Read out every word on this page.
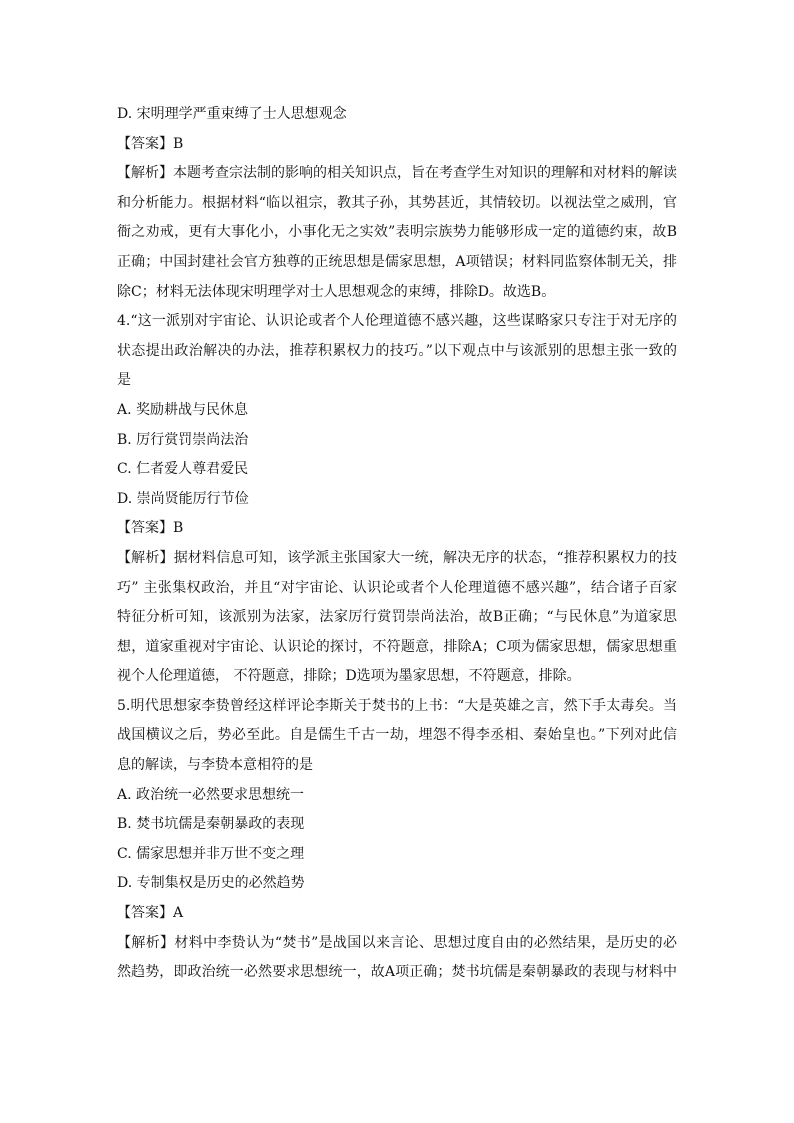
D. 宋明理学严重束缚了士人思想观念
【答案】B
【解析】本题考查宗法制的影响的相关知识点，旨在考查学生对知识的理解和对材料的解读
和分析能力。根据材料“临以祖宗，教其子孙，其势甚近，其情较切。以视法堂之威刑，官
衙之劝戒，更有大事化小，小事化无之实效”表明宗族势力能够形成一定的道德约束，故B
正确；中国封建社会官方独尊的正统思想是儒家思想，A项错误；材料同监察体制无关，排
除C；材料无法体现宋明理学对士人思想观念的束缚，排除D。故选B。
4.“这一派别对宇宙论、认识论或者个人伦理道德不感兴趣，这些谋略家只专注于对无序的
状态提出政治解决的办法，推荐积累权力的技巧。”以下观点中与该派别的思想主张一致的
是
A. 奖励耕战与民休息
B. 厉行赏罚崇尚法治
C. 仁者爱人尊君爱民
D. 崇尚贤能厉行节俭
【答案】B
【解析】据材料信息可知，该学派主张国家大一统，解决无序的状态，“推荐积累权力的技
巧” 主张集权政治，并且“对宇宙论、认识论或者个人伦理道德不感兴趣”，结合诸子百家
特征分析可知，该派别为法家，法家厉行赏罚崇尚法治，故B正确；“与民休息”为道家思
想，道家重视对宇宙论、认识论的探讨，不符题意，排除A；C项为儒家思想，儒家思想重
视个人伦理道德， 不符题意，排除；D选项为墨家思想，不符题意，排除。
5.明代思想家李贽曾经这样评论李斯关于焚书的上书：“大是英雄之言，然下手太毒矣。当
战国横议之后，势必至此。自是儒生千古一劫，埋怨不得李丞相、秦始皇也。”下列对此信
息的解读，与李贽本意相符的是
A. 政治统一必然要求思想统一
B. 焚书坑儒是秦朝暴政的表现
C. 儒家思想并非万世不变之理
D. 专制集权是历史的必然趋势
【答案】A
【解析】材料中李贽认为“焚书”是战国以来言论、思想过度自由的必然结果，是历史的必
然趋势，即政治统一必然要求思想统一，故A项正确；焚书坑儒是秦朝暴政的表现与材料中
